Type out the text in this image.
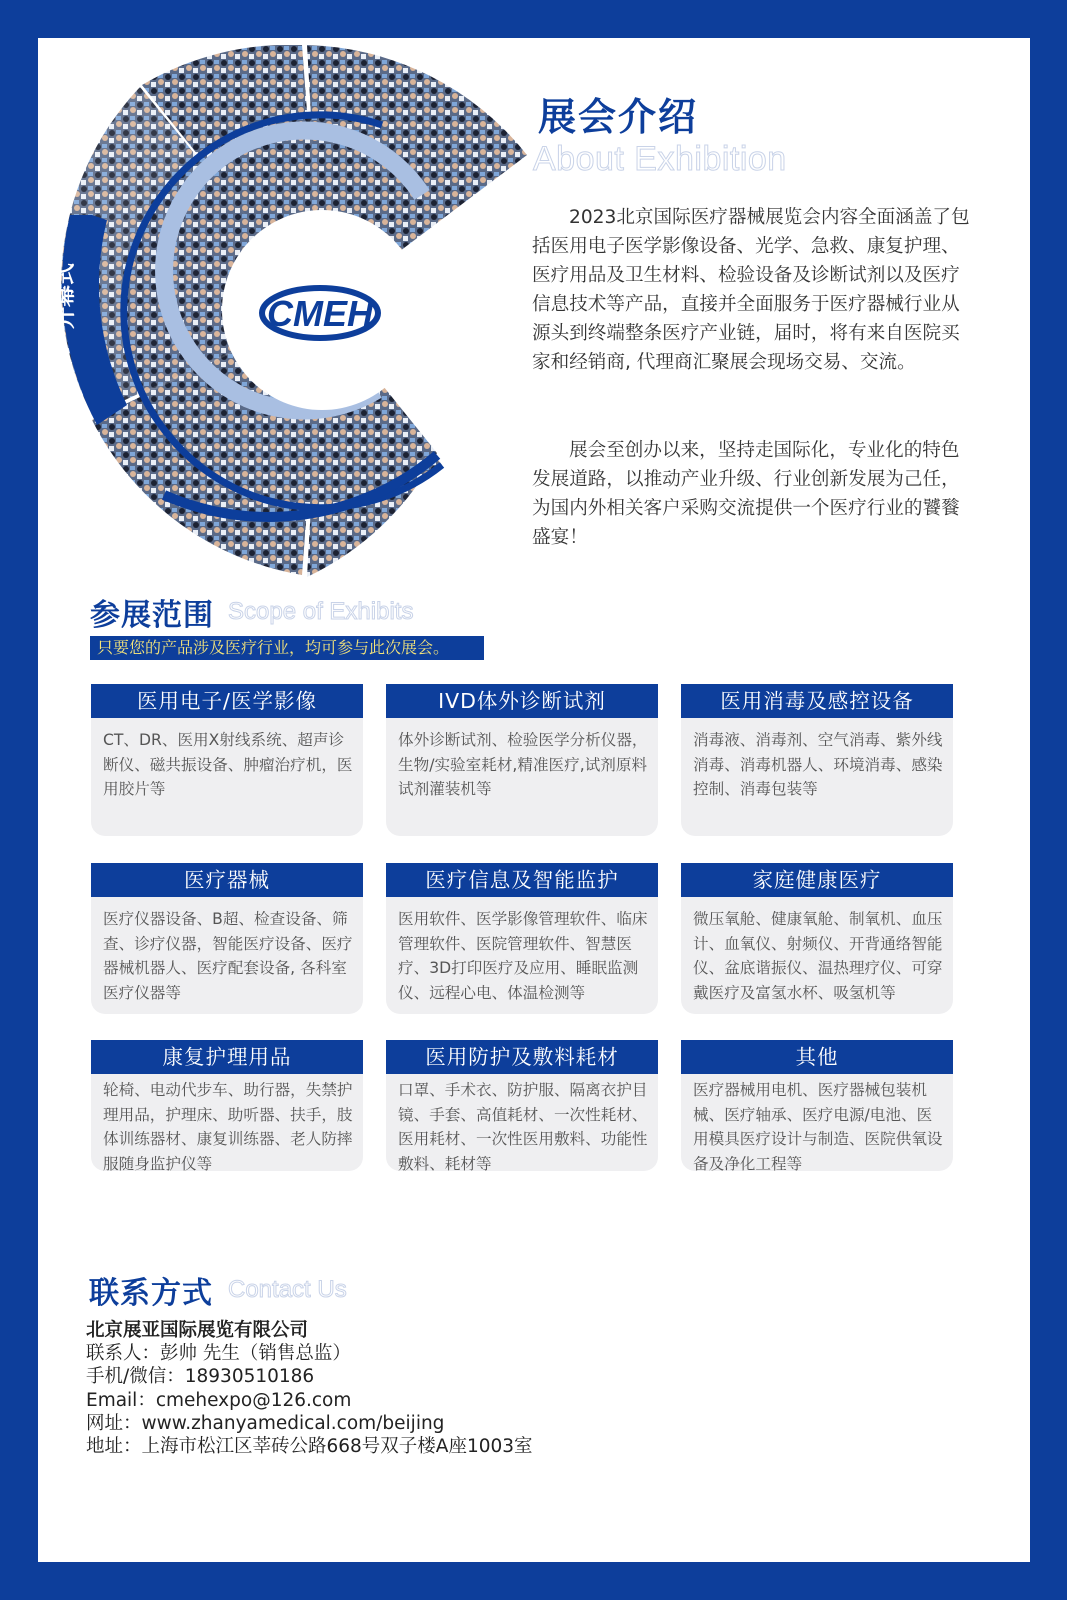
开幕式	CMEH
展会介绍
About Exhibition

2023北京国际医疗器械展览会内容全面涵盖了包括医用电子医学影像设备、光学、急救、康复护理、医疗用品及卫生材料、检验设备及诊断试剂以及医疗信息技术等产品，直接并全面服务于医疗器械行业从源头到终端整条医疗产业链，届时，将有来自医院买家和经销商, 代理商汇聚展会现场交易、交流。

展会至创办以来，坚持走国际化，专业化的特色发展道路，以推动产业升级、行业创新发展为己任，为国内外相关客户采购交流提供一个医疗行业的饕餮盛宴！

参展范围 Scope of Exhibits
只要您的产品涉及医疗行业，均可参与此次展会。
医用电子/医学影像

CT、DR、医用X射线系统、超声诊断仪、磁共振设备、肿瘤治疗机，医用胶片等

IVD体外诊断试剂

体外诊断试剂、检验医学分析仪器，生物/实验室耗材,精准医疗,试剂原料试剂灌装机等

医用消毒及感控设备

消毒液、消毒剂、空气消毒、紫外线消毒、消毒机器人、环境消毒、感染控制、消毒包装等

医疗器械

医疗仪器设备、B超、检查设备、筛查、诊疗仪器，智能医疗设备、医疗器械机器人、医疗配套设备, 各科室医疗仪器等

医疗信息及智能监护

医用软件、医学影像管理软件、临床管理软件、医院管理软件、智慧医疗、3D打印医疗及应用、睡眠监测仪、远程心电、体温检测等

家庭健康医疗

微压氧舱、健康氧舱、制氧机、血压计、血氧仪、射频仪、开背通络智能仪、盆底谐振仪、温热理疗仪、可穿戴医疗及富氢水杯、吸氢机等

康复护理用品

轮椅、电动代步车、助行器，失禁护理用品，护理床、助听器、扶手，肢体训练器材、康复训练器、老人防摔服随身监护仪等

医用防护及敷料耗材

口罩、手术衣、防护服、隔离衣护目镜、手套、高值耗材、一次性耗材、医用耗材、一次性医用敷料、功能性敷料、耗材等

其他

医疗器械用电机、医疗器械包装机械、医疗轴承、医疗电源/电池、医用模具医疗设计与制造、医院供氧设备及净化工程等

联系方式 Contact Us
北京展亚国际展览有限公司
联系人：彭帅 先生（销售总监）
手机/微信：18930510186
Email：cmehexpo@126.com
网址：www.zhanyamedical.com/beijing
地址：上海市松江区莘砖公路668号双子楼A座1003室
